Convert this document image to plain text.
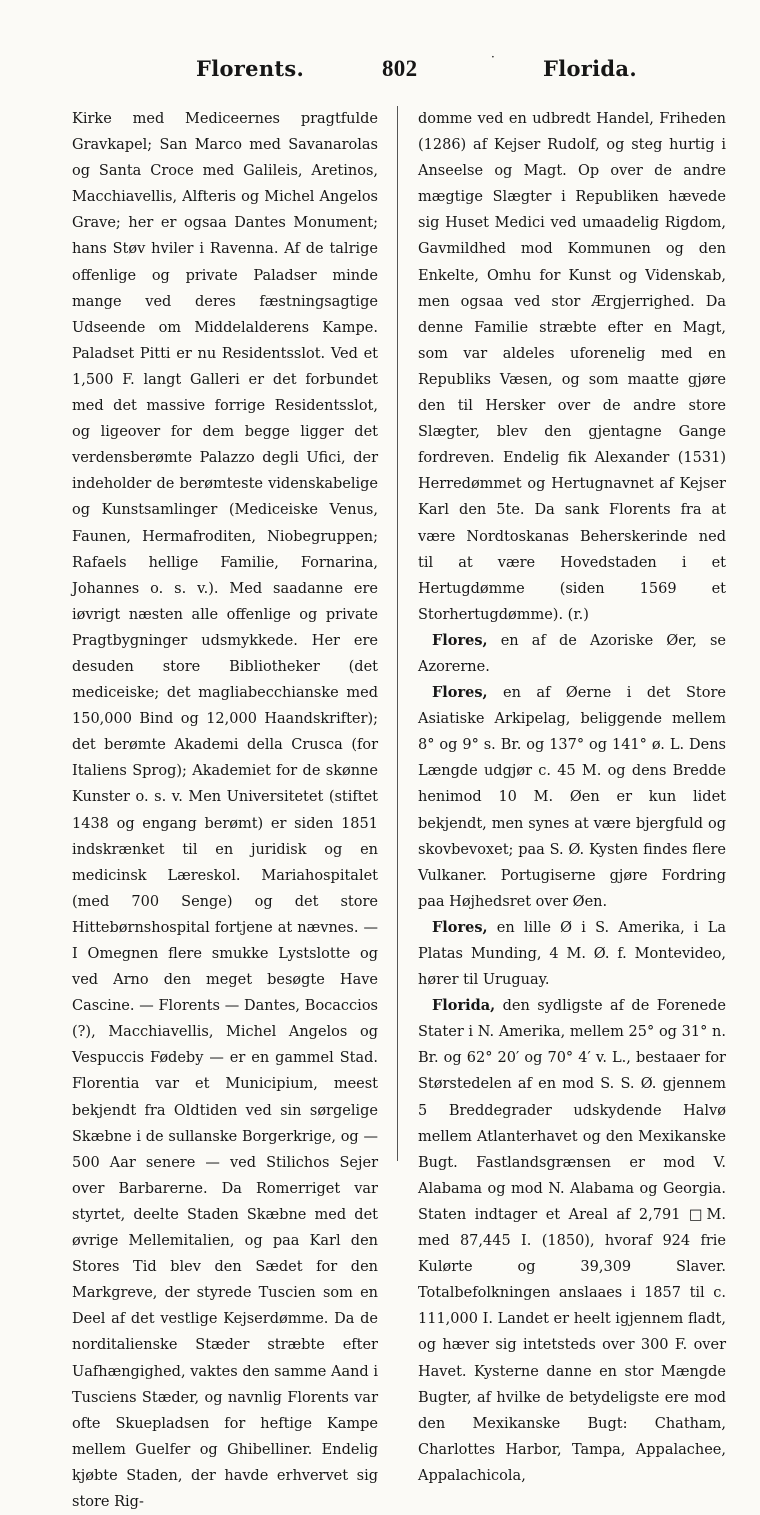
Florents.	802	· Florida.

Kirke med Mediceernes pragtfulde Gravkapel; San Marco med Savanarolas og Santa Croce med Galileis, Aretinos, Macchiavellis, Alfteris og Michel Angelos Grave; her er ogsaa Dantes Monument; hans Støv hviler i Ravenna. Af de talrige offenlige og private Paladser minde mange ved deres fæstningsagtige Udseende om Middelalderens Kampe. Paladset Pitti er nu Residentsslot. Ved et 1,500 F. langt Galleri er det forbundet med det massive forrige Residentsslot, og ligeover for dem begge ligger det verdensberømte Palazzo degli Ufici, der indeholder de berømteste videnskabelige og Kunstsamlinger (Mediceiske Venus, Faunen, Hermafroditen, Niobegruppen; Rafaels hellige Familie, Fornarina, Johannes o. s. v.). Med saadanne ere iøvrigt næsten alle offenlige og private Pragtbygninger udsmykkede. Her ere desuden store Bibliotheker (det mediceiske; det magliabecchianske med 150,000 Bind og 12,000 Haandskrifter); det berømte Akademi della Crusca (for Italiens Sprog); Akademiet for de skønne Kunster o. s. v. Men Universitetet (stiftet 1438 og engang berømt) er siden 1851 indskrænket til en juridisk og en medicinsk Læreskol. Mariahospitalet (med 700 Senge) og det store Hittebørnshospital fortjene at nævnes. — I Omegnen flere smukke Lystslotte og ved Arno den meget besøgte Have Cascine. — Florents — Dantes, Bocaccios (?), Macchiavellis, Michel Angelos og Vespuccis Fødeby — er en gammel Stad. Florentia var et Municipium, meest bekjendt fra Oldtiden ved sin sørgelige Skæbne i de sullanske Borgerkrige, og — 500 Aar senere — ved Stilichos Sejer over Barbarerne. Da Romerriget var styrtet, deelte Staden Skæbne med det øvrige Mellemitalien, og paa Karl den Stores Tid blev den Sædet for den Markgreve, der styrede Tuscien som en Deel af det vestlige Kejserdømme. Da de norditalienske Stæder stræbte efter Uafhængighed, vaktes den samme Aand i Tusciens Stæder, og navnlig Florents var ofte Skuepladsen for heftige Kampe mellem Guelfer og Ghibelliner. Endelig kjøbte Staden, der havde erhvervet sig store Rig-

domme ved en udbredt Handel, Friheden (1286) af Kejser Rudolf, og steg hurtig i Anseelse og Magt. Op over de andre mægtige Slægter i Republiken hævede sig Huset Medici ved umaadelig Rigdom, Gavmildhed mod Kommunen og den Enkelte, Omhu for Kunst og Videnskab, men ogsaa ved stor Ærgjerrighed. Da denne Familie stræbte efter en Magt, som var aldeles uforenelig med en Republiks Væsen, og som maatte gjøre den til Hersker over de andre store Slægter, blev den gjentagne Gange fordreven. Endelig fik Alexander (1531) Herredømmet og Hertugnavnet af Kejser Karl den 5te. Da sank Florents fra at være Nordtoskanas Beherskerinde ned til at være Hovedstaden i et Hertugdømme (siden 1569 et Storhertugdømme). (r.)

Flores, en af de Azoriske Øer, se Azorerne.

Flores, en af Øerne i det Store Asiatiske Arkipelag, beliggende mellem 8° og 9° s. Br. og 137° og 141° ø. L. Dens Længde udgjør c. 45 M. og dens Bredde henimod 10 M. Øen er kun lidet bekjendt, men synes at være bjergfuld og skovbevoxet; paa S. Ø. Kysten findes flere Vulkaner. Portugiserne gjøre Fordring paa Højhedsret over Øen.

Flores, en lille Ø i S. Amerika, i La Platas Munding, 4 M. Ø. f. Montevideo, hører til Uruguay.

Florida, den sydligste af de Forenede Stater i N. Amerika, mellem 25° og 31° n. Br. og 62° 20′ og 70° 4′ v. L., bestaaer for Størstedelen af en mod S. S. Ø. gjennem 5 Breddegrader udskydende Halvø mellem Atlanterhavet og den Mexikanske Bugt. Fastlandsgrænsen er mod V. Alabama og mod N. Alabama og Georgia. Staten indtager et Areal af 2,791 □M. med 87,445 I. (1850), hvoraf 924 frie Kulørte og 39,309 Slaver. Totalbefolkningen anslaaes i 1857 til c. 111,000 I. Landet er heelt igjennem fladt, og hæver sig intetsteds over 300 F. over Havet. Kysterne danne en stor Mængde Bugter, af hvilke de betydeligste ere mod den Mexikanske Bugt: Chatham, Charlottes Harbor, Tampa, Appalachee, Appalachicola,
